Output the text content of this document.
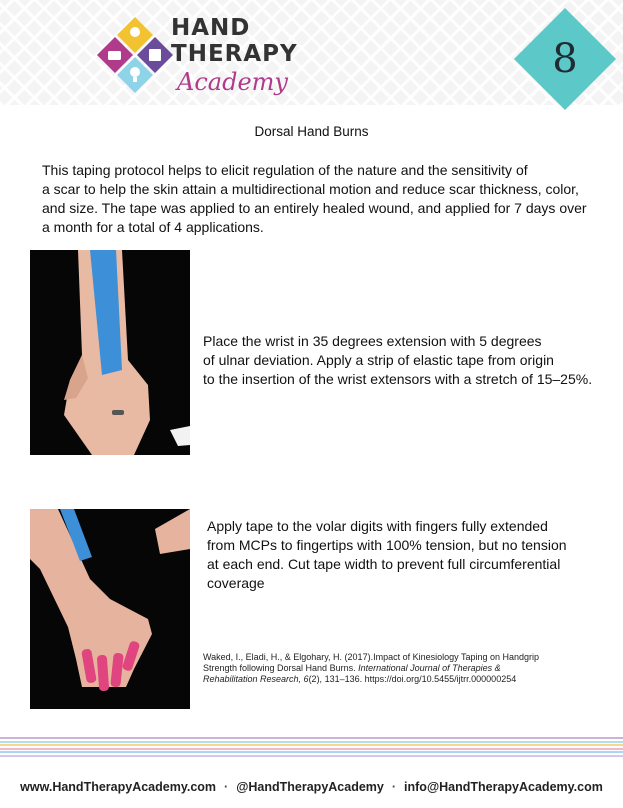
HAND
THERAPY
Academy	8
Dorsal Hand Burns
This taping protocol helps to elicit regulation of the nature and the sensitivity of
a scar to help the skin attain a multidirectional motion and reduce scar thickness, color,
and size. The tape was applied to an entirely healed wound, and applied for 7 days over
a month for a total of 4 applications.
Place the wrist in 35 degrees extension with 5 degrees
of ulnar deviation. Apply a strip of elastic tape from origin
to the insertion of the wrist extensors with a stretch of 15–25%.
Apply tape to the volar digits with fingers fully extended
from MCPs to fingertips with 100% tension, but no tension
at each end. Cut tape width to prevent full circumferential
coverage
Waked, I., Eladi, H., & Elgohary, H. (2017).Impact of Kinesiology Taping on Handgrip
Strength following Dorsal Hand Burns. International Journal of Therapies &
Rehabilitation Research, 6(2), 131–136. https://doi.org/10.5455/ijtrr.000000254
www.HandTherapyAcademy.com · @HandTherapyAcademy · info@HandTherapyAcademy.com
